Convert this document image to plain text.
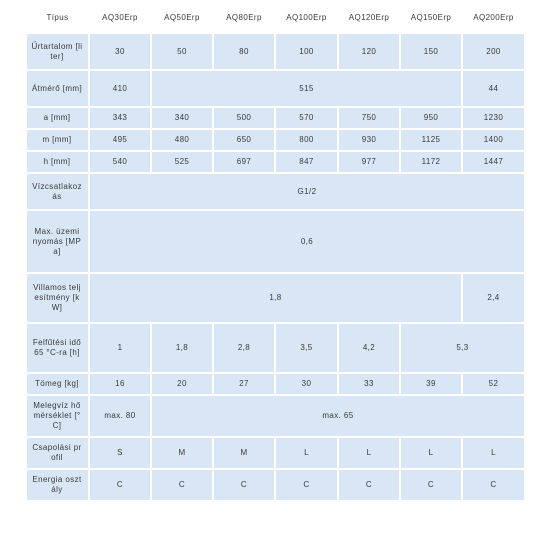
Típus	AQ30Erp	AQ50Erp	AQ80Erp	AQ100Erp	AQ120Erp	AQ150Erp	AQ200Erp
Űrtartalom [liter]	30	50	80	100	120	150	200
Átmérő [mm]	410	515					44
a [mm]	343	340	500	570	750	950	1230
m [mm]	495	480	650	800	930	1125	1400
h [mm]	540	525	697	847	977	1172	1447
Vízcsatlakozás	G1/2						
Max. üzemi nyomás [MPa]	0,6						
Villamos teljesítmény [kW]	1,8						2,4
Felfűtési idő 65 °C-ra [h]	1	1,8	2,8	3,5	4,2	5,3	
Tömeg [kg]	16	20	27	30	33	39	52
Melegvíz hőmérséklet [°C]	max. 80	max. 65					
Csapolási profil	S	M	M	L	L	L	L
Energia osztály	C	C	C	C	C	C	C
